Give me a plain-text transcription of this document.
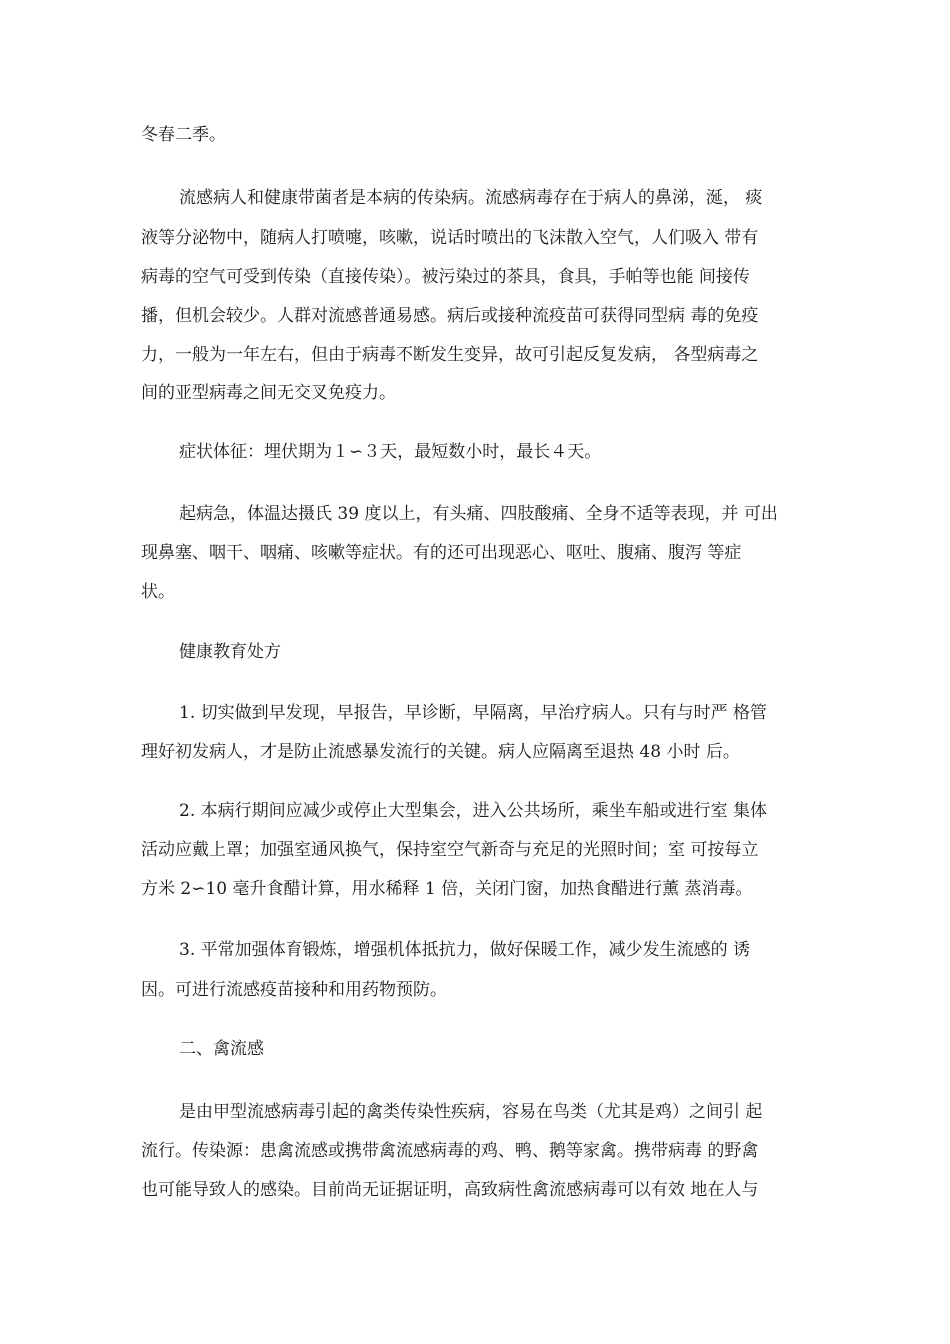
冬春二季。
流感病人和健康带菌者是本病的传染病。流感病毒存在于病人的鼻涕，涎， 痰
液等分泌物中，随病人打喷嚏，咳嗽，说话时喷出的飞沫散入空气，人们吸入 带有
病毒的空气可受到传染（直接传染）。被污染过的茶具，食具，手帕等也能 间接传
播，但机会较少。人群对流感普通易感。病后或接种流疫苗可获得同型病 毒的免疫
力，一般为一年左右，但由于病毒不断发生变异，故可引起反复发病， 各型病毒之
间的亚型病毒之间无交叉免疫力。
症状体征：埋伏期为１∽３天，最短数小时，最长４天。
起病急，体温达摄氏 39 度以上，有头痛、四肢酸痛、全身不适等表现，并 可出
现鼻塞、咽干、咽痛、咳嗽等症状。有的还可出现恶心、呕吐、腹痛、腹泻 等症
状。
健康教育处方
1. 切实做到早发现，早报告，早诊断，早隔离，早治疗病人。只有与时严 格管
理好初发病人，才是防止流感暴发流行的关键。病人应隔离至退热 48 小时 后。
2. 本病行期间应减少或停止大型集会，进入公共场所，乘坐车船或进行室 集体
活动应戴上罩；加强室通风换气，保持室空气新奇与充足的光照时间；室 可按每立
方米 2∽10 毫升食醋计算，用水稀释 1 倍，关闭门窗，加热食醋进行薰 蒸消毒。
3. 平常加强体育锻炼，增强机体抵抗力，做好保暖工作，减少发生流感的 诱
因。可进行流感疫苗接种和用药物预防。
二、禽流感
是由甲型流感病毒引起的禽类传染性疾病，容易在鸟类（尤其是鸡）之间引 起
流行。传染源：患禽流感或携带禽流感病毒的鸡、鸭、鹅等家禽。携带病毒 的野禽
也可能导致人的感染。目前尚无证据证明，高致病性禽流感病毒可以有效 地在人与
